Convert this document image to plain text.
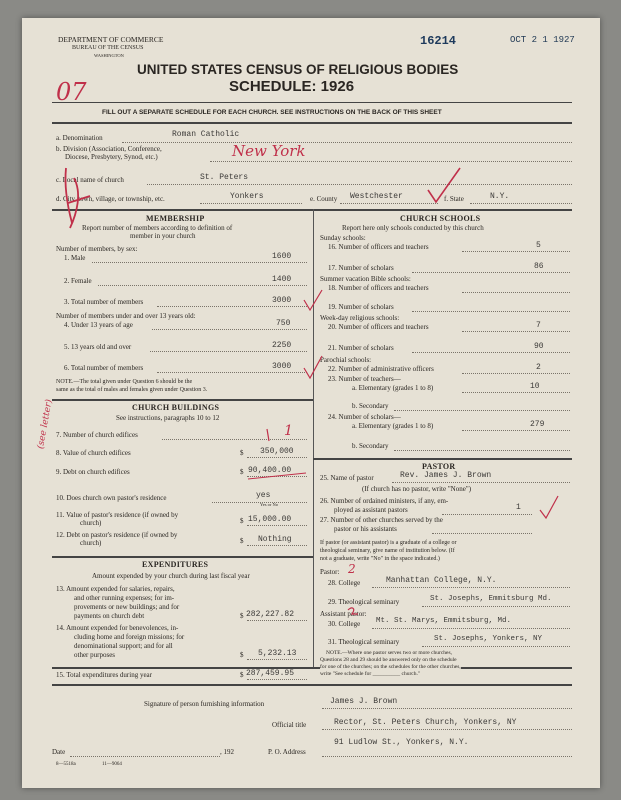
DEPARTMENT OF COMMERCE
BUREAU OF THE CENSUS
WASHINGTON
16214	OCT 2 1 1927
UNITED STATES CENSUS OF RELIGIOUS BODIES
SCHEDULE: 1926
07
FILL OUT A SEPARATE SCHEDULE FOR EACH CHURCH. SEE INSTRUCTIONS ON THE BACK OF THIS SHEET
a. Denomination	Roman Catholic
b. Division (Association, Conference,
Diocese, Presbytery, Synod, etc.)	New York
c. Local name of church	St. Peters
d. City, town, village, or township, etc.	Yonkers	e. County Westchester	f. State	N.Y.
MEMBERSHIP
Report number of members according to definition of
member in your church
Number of members, by sex:
1. Male	1600
2. Female	1400
3. Total number of members	3000
Number of members under and over 13 years old:
4. Under 13 years of age	750
5. 13 years old and over	2250
6. Total number of members	3000
NOTE.—The total given under Question 6 should be the
same as the total of males and females given under Question 3.
CHURCH BUILDINGS
See instructions, paragraphs 10 to 12
7. Number of church edifices	1
8. Value of church edifices	$ 350,000
9. Debt on church edifices	$ 90,400.00
(see letter)
10. Does church own pastor's residence	yes
Yes or No
11. Value of pastor's residence (if owned by
church)	$ 15,000.00
12. Debt on pastor's residence (if owned by
church)	$ Nothing
EXPENDITURES
Amount expended by your church during last fiscal year
13. Amount expended for salaries, repairs,
and other running expenses; for im-
provements or new buildings; and for
payments on church debt	$ 282,227.82
14. Amount expended for benevolences, in-
cluding home and foreign missions; for
denominational support; and for all
other purposes	$ 5,232.13
15. Total expenditures during year	$ 287,459.95
CHURCH SCHOOLS
Report here only schools conducted by this church
Sunday schools:
16. Number of officers and teachers	5
17. Number of scholars	86
Summer vacation Bible schools:
18. Number of officers and teachers
19. Number of scholars
Week-day religious schools:
20. Number of officers and teachers	7
21. Number of scholars	90
Parochial schools:
22. Number of administrative officers	2
23. Number of teachers—
a. Elementary (grades 1 to 8)	10
b. Secondary
24. Number of scholars—
a. Elementary (grades 1 to 8)	279
b. Secondary
PASTOR
25. Name of pastor	Rev. James J. Brown
(If church has no pastor, write "None")
26. Number of ordained ministers, if any, em-
ployed as assistant pastors	1
27. Number of other churches served by the
pastor or his assistants
If pastor (or assistant pastor) is a graduate of a college or
theological seminary, give name of institution below. (If
not a graduate, write "No" in the space indicated.)
Pastor: 2
28. College	Manhattan College, N.Y.
29. Theological seminary	St. Josephs, Emmitsburg Md.
Assistant pastor:
30. College Mt. St. Marys, Emmitsburg, Md.
31. Theological seminary	St. Josephs, Yonkers, NY
NOTE.—Where one pastor serves two or more churches,
Questions 28 and 29 should be answered only on the schedule
for one of the churches; on the schedules for the other churches,
write "See schedule for __________ church."
Signature of person furnishing information	James J. Brown
Official title	Rector, St. Peters Church, Yonkers, NY
Date	, 192	P. O. Address
91 Ludlow St., Yonkers, N.Y.
8—5518a	11—9064
